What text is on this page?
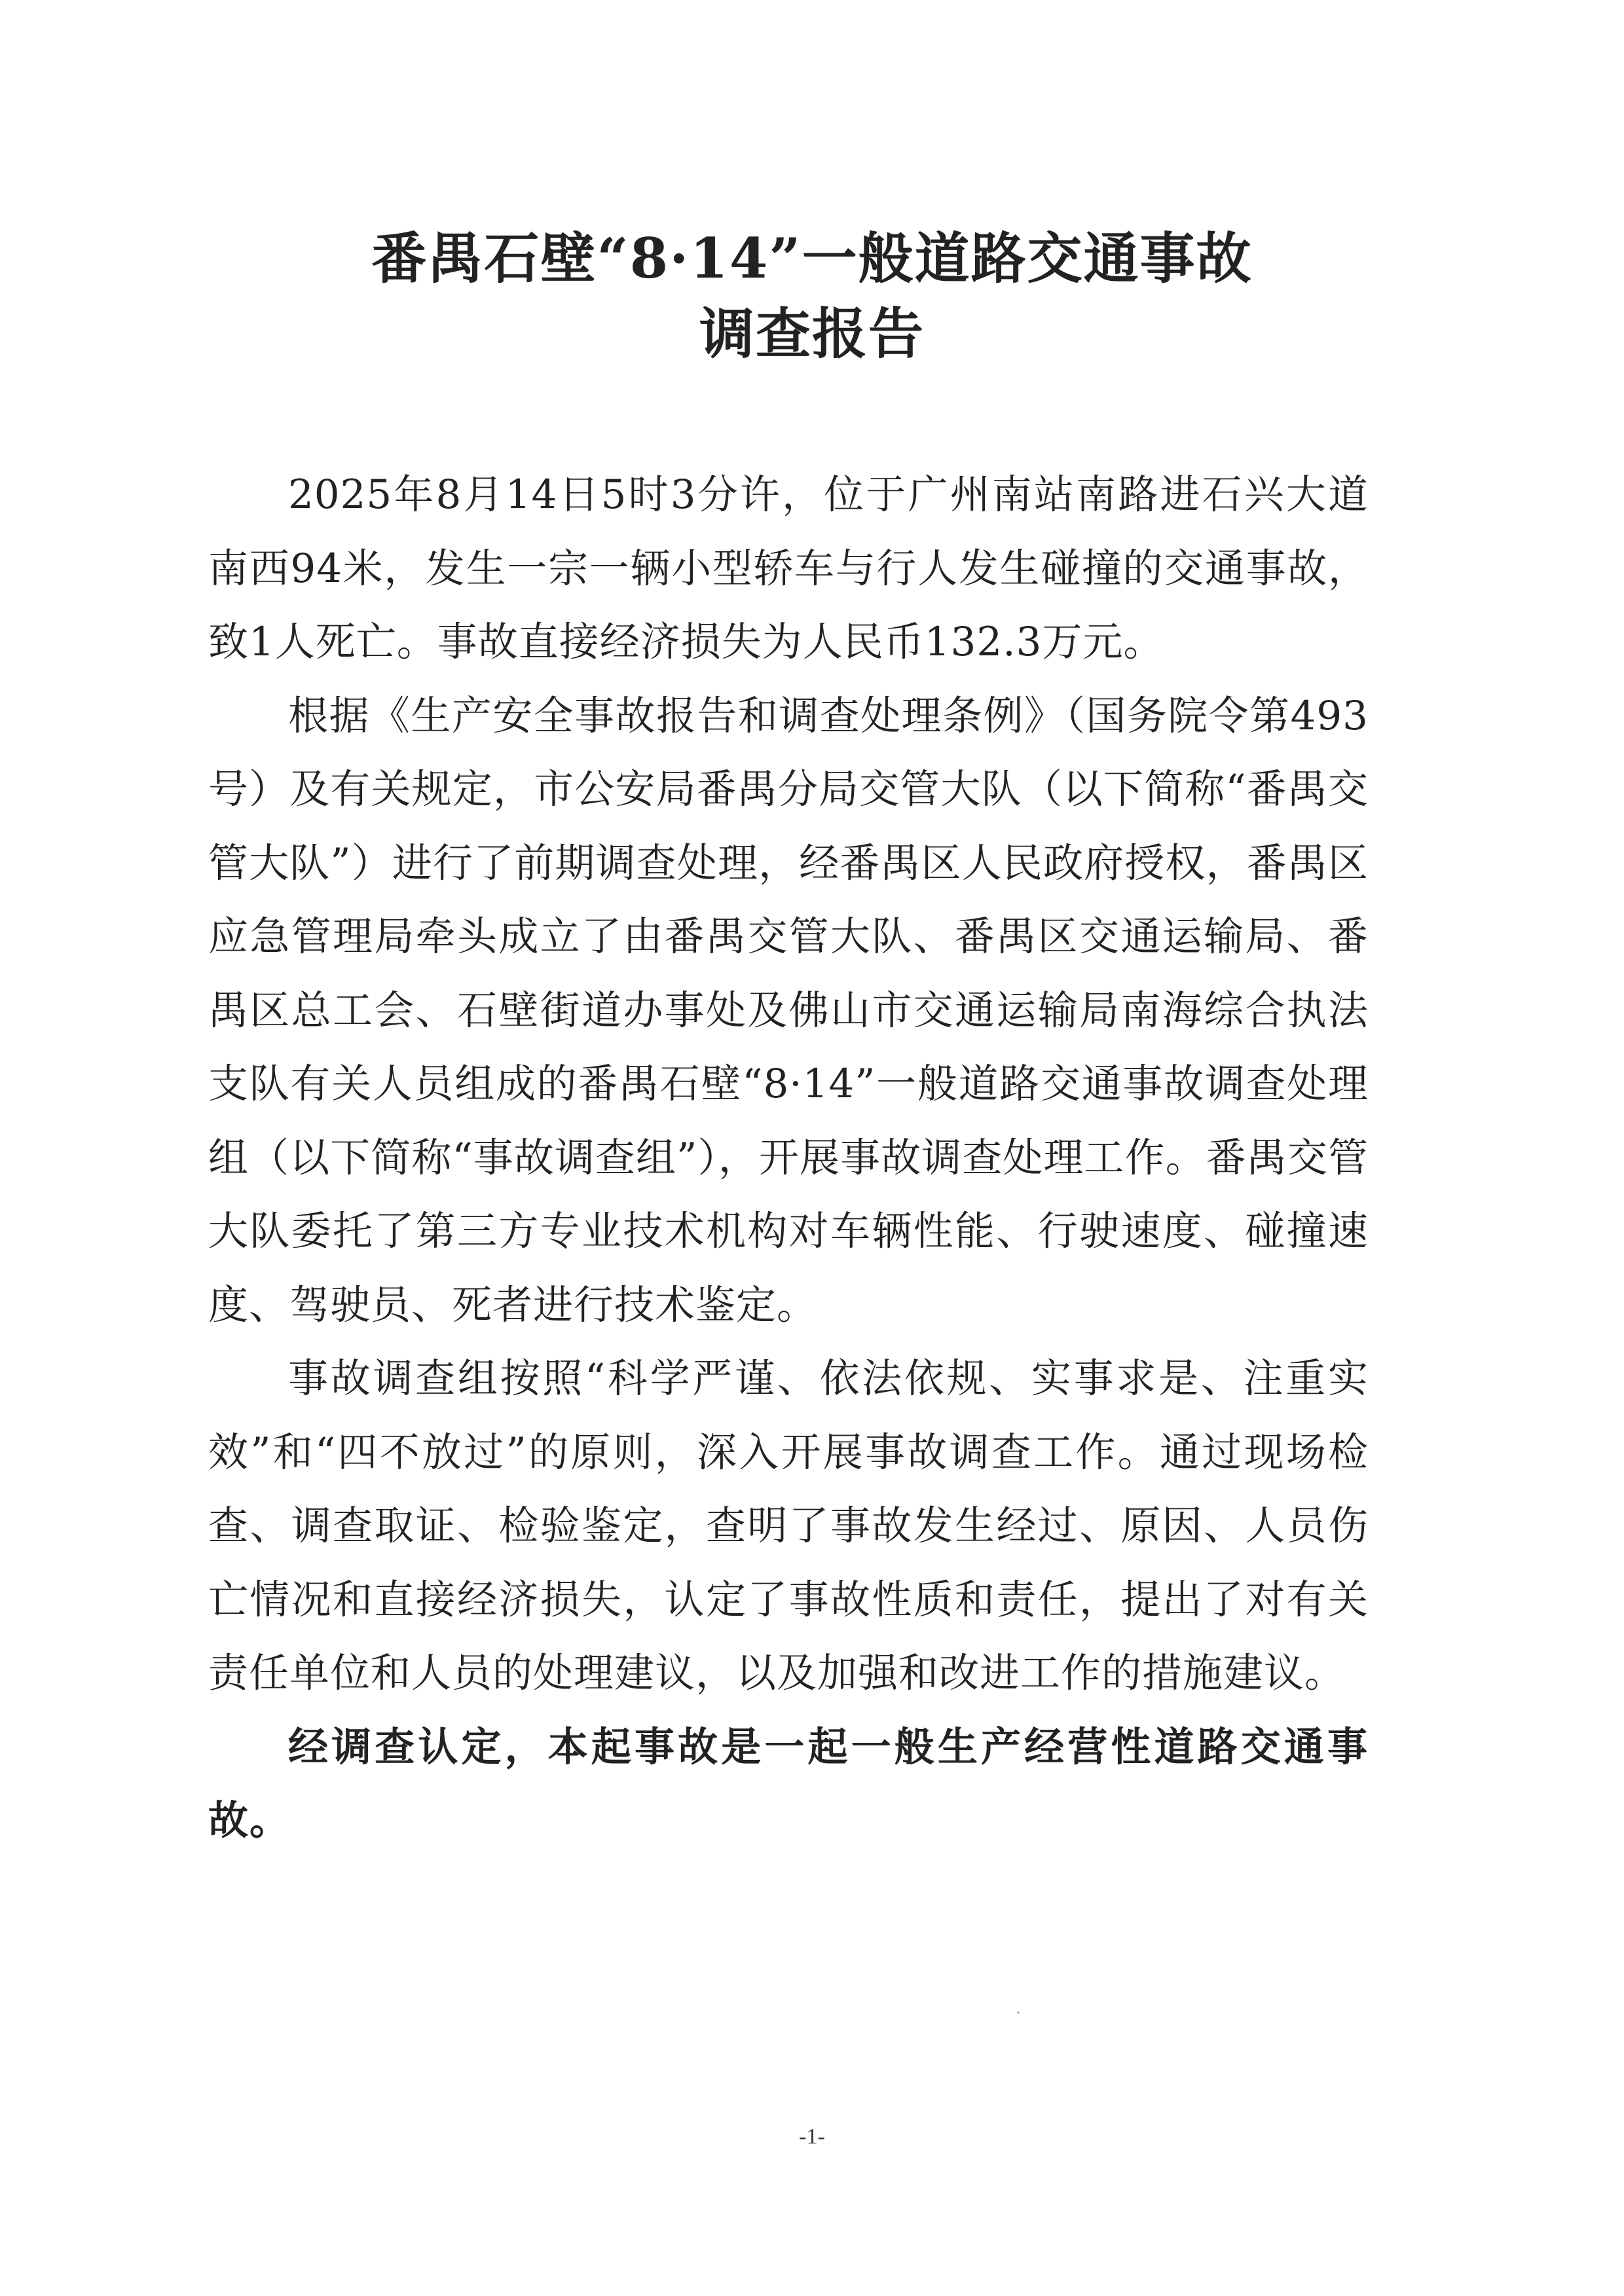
番禺石壁“8·14”一般道路交通事故
调查报告

2025年8月14日5时3分许，位于广州南站南路进石兴大道南西94米，发生一宗一辆小型轿车与行人发生碰撞的交通事故，致1人死亡。事故直接经济损失为人民币132.3万元。

根据《生产安全事故报告和调查处理条例》（国务院令第493号）及有关规定，市公安局番禺分局交管大队（以下简称“番禺交管大队”）进行了前期调查处理，经番禺区人民政府授权，番禺区应急管理局牵头成立了由番禺交管大队、番禺区交通运输局、番禺区总工会、石壁街道办事处及佛山市交通运输局南海综合执法支队有关人员组成的番禺石壁“8·14”一般道路交通事故调查处理组（以下简称“事故调查组”），开展事故调查处理工作。番禺交管大队委托了第三方专业技术机构对车辆性能、行驶速度、碰撞速度、驾驶员、死者进行技术鉴定。

事故调查组按照“科学严谨、依法依规、实事求是、注重实效”和“四不放过”的原则，深入开展事故调查工作。通过现场检查、调查取证、检验鉴定，查明了事故发生经过、原因、人员伤亡情况和直接经济损失，认定了事故性质和责任，提出了对有关责任单位和人员的处理建议，以及加强和改进工作的措施建议。

经调查认定，本起事故是一起一般生产经营性道路交通事故。

-1-
